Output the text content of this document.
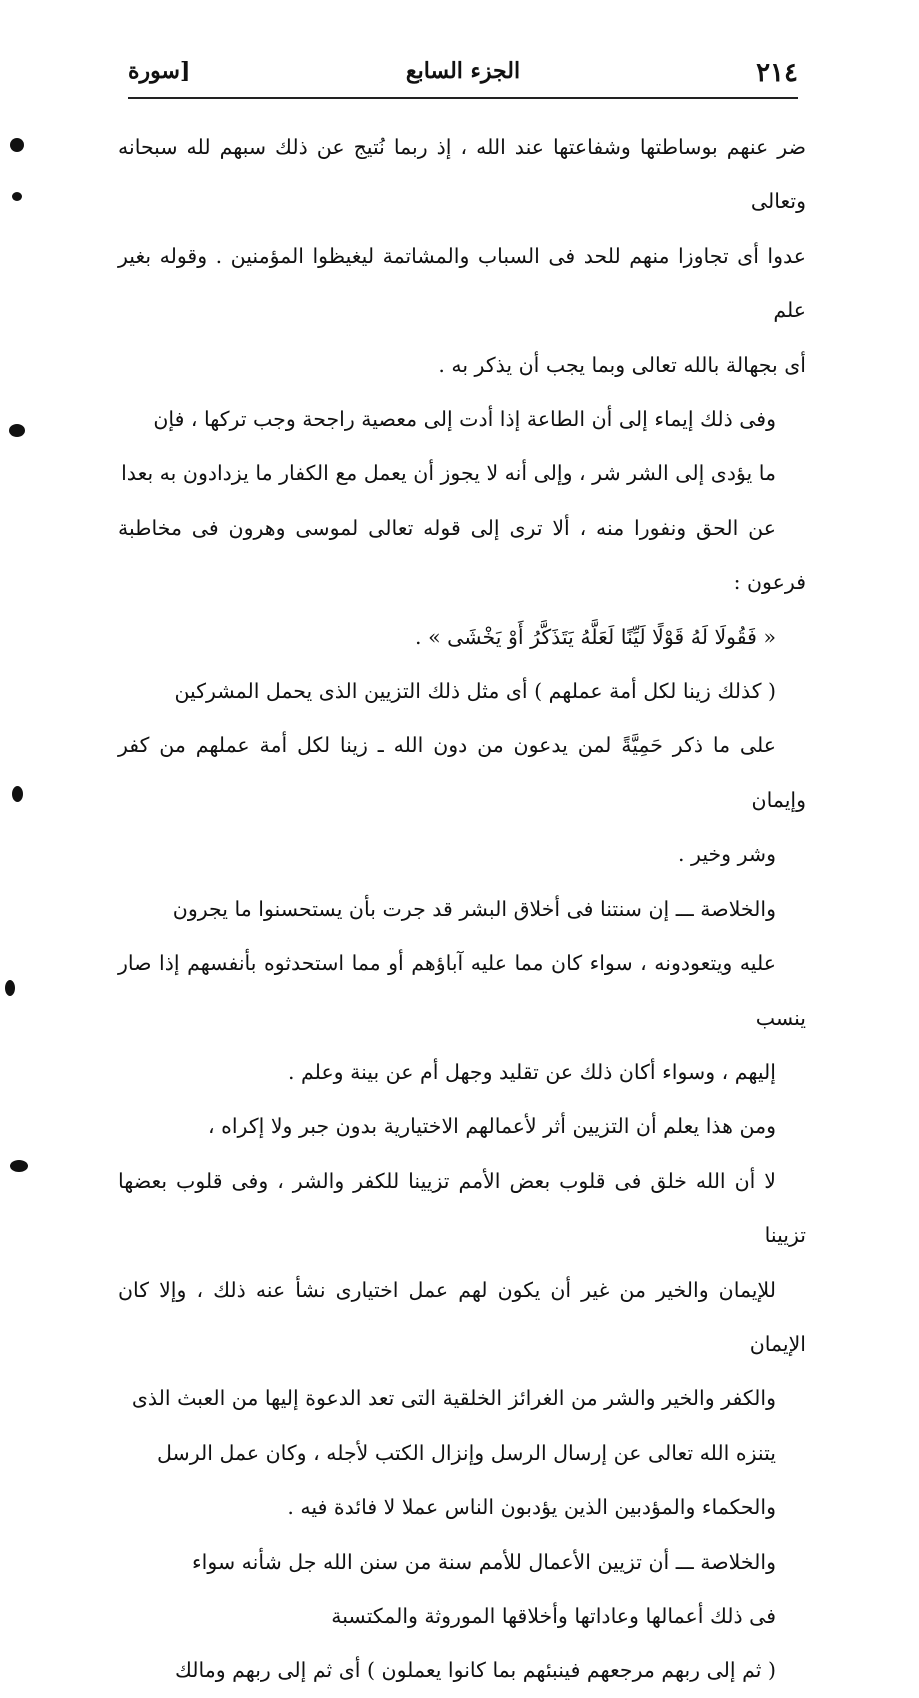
٢١٤
الجزء السابع
[سورة

ضر عنهم بوساطتها وشفاعتها عند الله ، إذ ربما نُتيج عن ذلك سبهم لله سبحانه وتعالى
عدوا أى تجاوزا منهم للحد فى السباب والمشاتمة ليغيظوا المؤمنين . وقوله بغير علم
أى بجهالة بالله تعالى وبما يجب أن يذكر به .

وفى ذلك إيماء إلى أن الطاعة إذا أدت إلى معصية راجحة وجب تركها ، فإن
ما يؤدى إلى الشر شر ، وإلى أنه لا يجوز أن يعمل مع الكفار ما يزدادون به بعدا
عن الحق ونفورا منه ، ألا ترى إلى قوله تعالى لموسى وهرون فى مخاطبة فرعون :
« فَقُولَا لَهُ قَوْلًا لَيِّنًا لَعَلَّهُ يَتَذَكَّرُ أَوْ يَخْشَى » .

( كذلك زينا لكل أمة عملهم ) أى مثل ذلك التزيين الذى يحمل المشركين
على ما ذكر حَمِيَّةً لمن يدعون من دون الله ـ زينا لكل أمة عملهم من كفر وإيمان
وشر وخير .

والخلاصة ـــ إن سنتنا فى أخلاق البشر قد جرت بأن يستحسنوا ما يجرون
عليه ويتعودونه ، سواء كان مما عليه آباؤهم أو مما استحدثوه بأنفسهم إذا صار ينسب
إليهم ، وسواء أكان ذلك عن تقليد وجهل أم عن بينة وعلم .

ومن هذا يعلم أن التزيين أثر لأعمالهم الاختيارية بدون جبر ولا إكراه ،
لا أن الله خلق فى قلوب بعض الأمم تزيينا للكفر والشر ، وفى قلوب بعضها تزيينا
للإيمان والخير من غير أن يكون لهم عمل اختيارى نشأ عنه ذلك ، وإلا كان الإيمان
والكفر والخير والشر من الغرائز الخلقية التى تعد الدعوة إليها من العبث الذى
يتنزه الله تعالى عن إرسال الرسل وإنزال الكتب لأجله ، وكان عمل الرسل
والحكماء والمؤدبين الذين يؤدبون الناس عملا لا فائدة فيه .

والخلاصة ـــ أن تزيين الأعمال للأمم سنة من سنن الله جل شأنه سواء
فى ذلك أعمالها وعاداتها وأخلاقها الموروثة والمكتسبة

( ثم إلى ربهم مرجعهم فينبئهم بما كانوا يعملون ) أى ثم إلى ربهم ومالك
